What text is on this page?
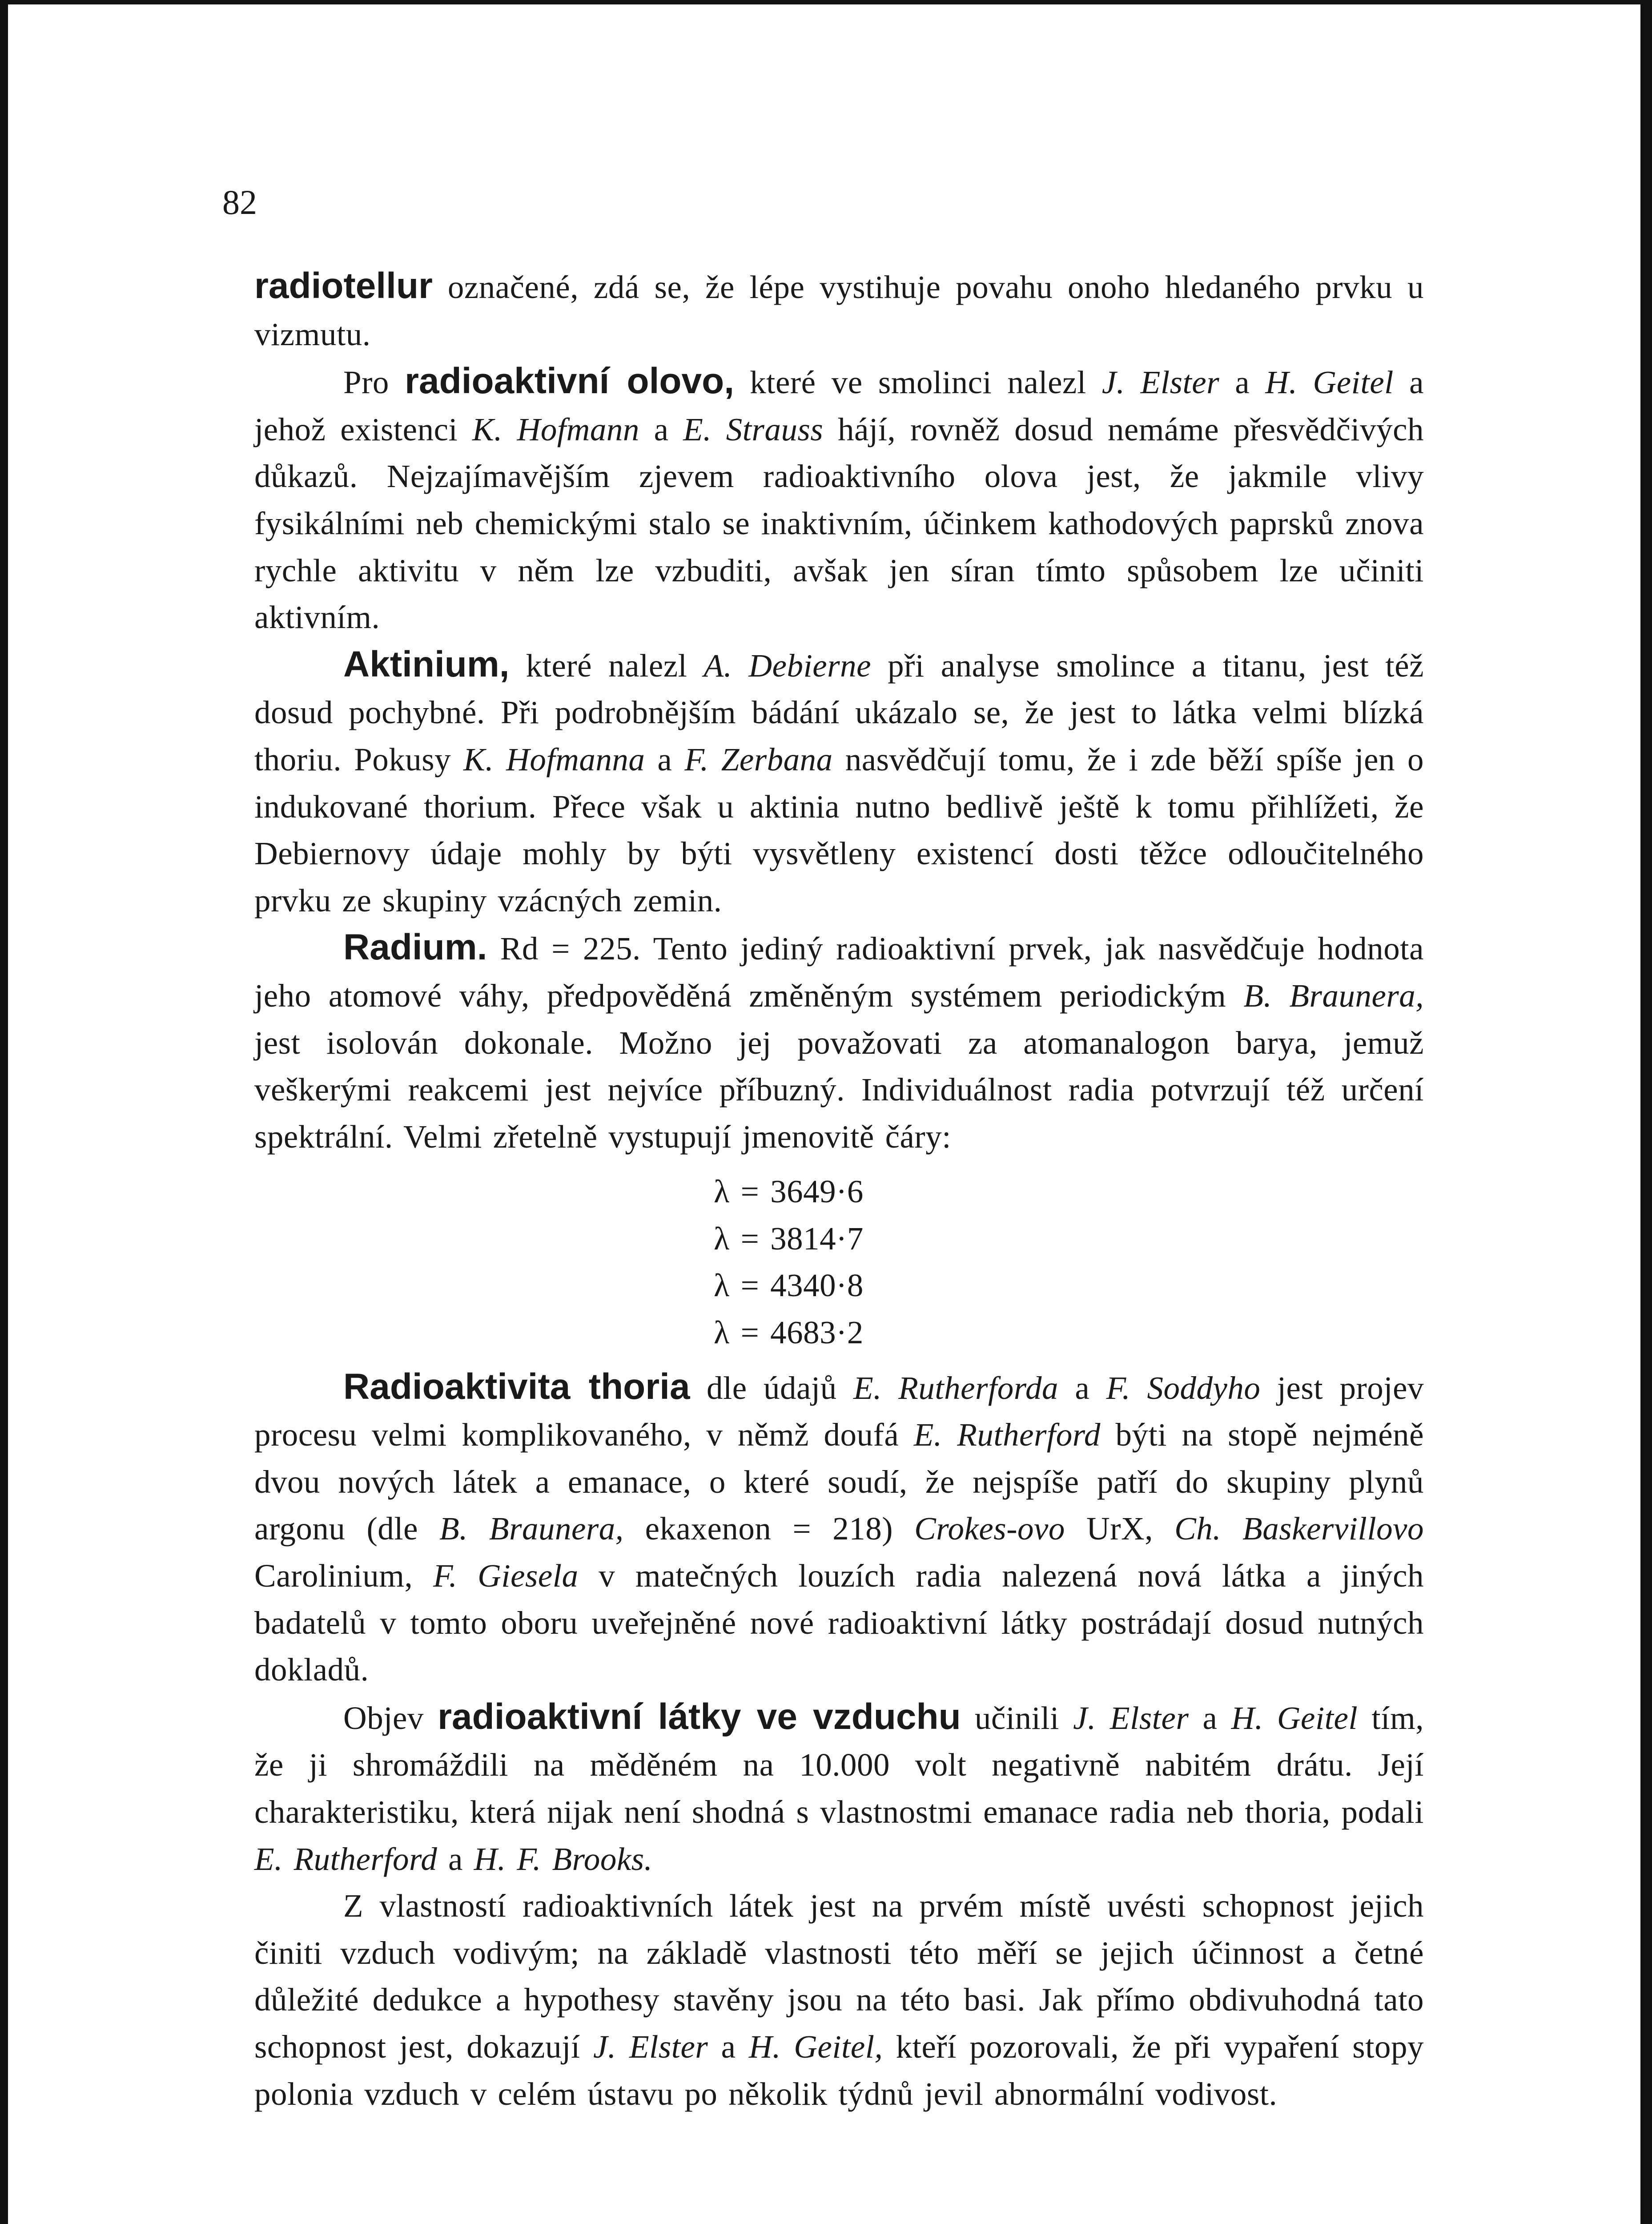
82

radiotellur označené, zdá se, že lépe vystihuje povahu onoho hledaného prvku u vizmutu.

Pro radioaktivní olovo, které ve smolinci nalezl J. Elster a H. Geitel a jehož existenci K. Hofmann a E. Strauss hájí, rovněž dosud nemáme přesvědčivých důkazů. Nejzajímavějším zjevem radioaktivního olova jest, že jakmile vlivy fysikálními neb chemickými stalo se inaktivním, účinkem kathodových paprsků znova rychle aktivitu v něm lze vzbuditi, avšak jen síran tímto spůsobem lze učiniti aktivním.

Aktinium, které nalezl A. Debierne při analyse smolince a titanu, jest též dosud pochybné. Při podrobnějším bádání ukázalo se, že jest to látka velmi blízká thoriu. Pokusy K. Hofmanna a F. Zerbana nasvědčují tomu, že i zde běží spíše jen o indukované thorium. Přece však u aktinia nutno bedlivě ještě k tomu přihlížeti, že Debiernovy údaje mohly by býti vysvětleny existencí dosti těžce odloučitelného prvku ze skupiny vzácných zemin.

Radium. Rd = 225. Tento jediný radioaktivní prvek, jak nasvědčuje hodnota jeho atomové váhy, předpověděná změněným systémem periodickým B. Braunera, jest isolován dokonale. Možno jej považovati za atomanalogon barya, jemuž veškerými reakcemi jest nejvíce příbuzný. Individuálnost radia potvrzují též určení spektrální. Velmi zřetelně vystupují jmenovitě čáry:

λ = 3649·6
λ = 3814·7
λ = 4340·8
λ = 4683·2

Radioaktivita thoria dle údajů E. Rutherforda a F. Soddyho jest projev procesu velmi komplikovaného, v němž doufá E. Rutherford býti na stopě nejméně dvou nových látek a emanace, o které soudí, že nejspíše patří do skupiny plynů argonu (dle B. Braunera, ekaxenon = 218) Crokes-ovo UrX, Ch. Baskervillovo Carolinium, F. Giesela v matečných louzích radia nalezená nová látka a jiných badatelů v tomto oboru uveřejněné nové radioaktivní látky postrádají dosud nutných dokladů.

Objev radioaktivní látky ve vzduchu učinili J. Elster a H. Geitel tím, že ji shromáždili na měděném na 10.000 volt negativně nabitém drátu. Její charakteristiku, která nijak není shodná s vlastnostmi emanace radia neb thoria, podali E. Rutherford a H. F. Brooks.

Z vlastností radioaktivních látek jest na prvém místě uvésti schopnost jejich činiti vzduch vodivým; na základě vlastnosti této měří se jejich účinnost a četné důležité dedukce a hypothesy stavěny jsou na této basi. Jak přímo obdivuhodná tato schopnost jest, dokazují J. Elster a H. Geitel, kteří pozorovali, že při vypaření stopy polonia vzduch v celém ústavu po několik týdnů jevil abnormální vodivost.
